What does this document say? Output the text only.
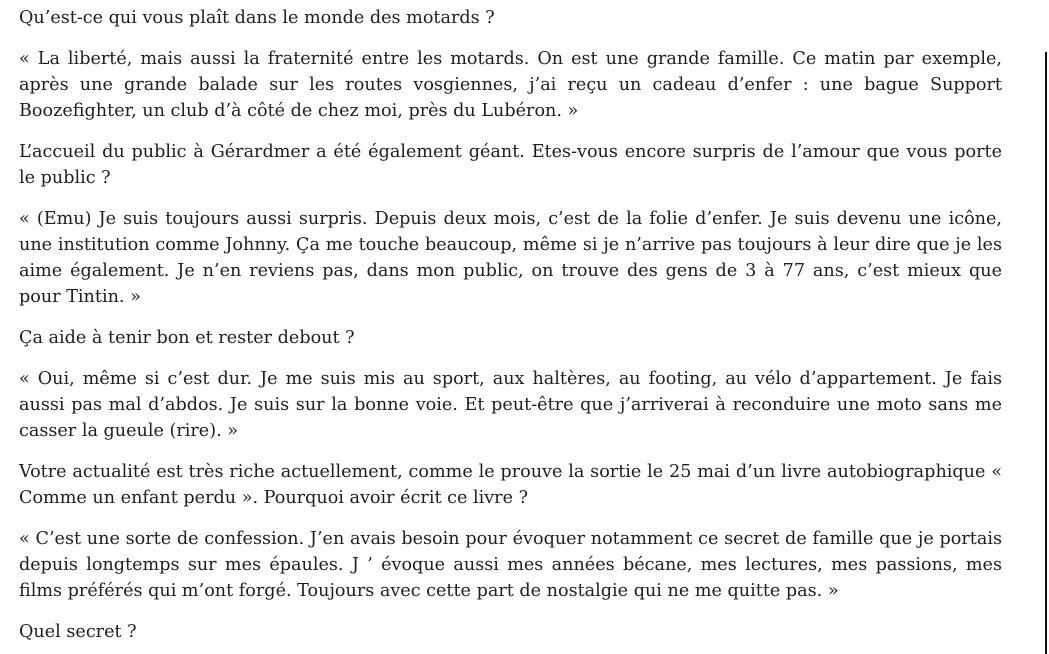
Qu’est-ce qui vous plaît dans le monde des motards ?

« La liberté, mais aussi la fraternité entre les motards. On est une grande famille. Ce matin par exemple, après une grande balade sur les routes vosgiennes, j’ai reçu un cadeau d’enfer : une bague Support Boozefighter, un club d’à côté de chez moi, près du Lubéron. »

L’accueil du public à Gérardmer a été également géant. Etes-vous encore surpris de l’amour que vous porte le public ?

« (Emu) Je suis toujours aussi surpris. Depuis deux mois, c’est de la folie d’enfer. Je suis devenu une icône, une institution comme Johnny. Ça me touche beaucoup, même si je n’arrive pas toujours à leur dire que je les aime également. Je n’en reviens pas, dans mon public, on trouve des gens de 3 à 77 ans, c’est mieux que pour Tintin. »

Ça aide à tenir bon et rester debout ?

« Oui, même si c’est dur. Je me suis mis au sport, aux haltères, au footing, au vélo d’appartement. Je fais aussi pas mal d’abdos. Je suis sur la bonne voie. Et peut-être que j’arriverai à reconduire une moto sans me casser la gueule (rire). »

Votre actualité est très riche actuellement, comme le prouve la sortie le 25 mai d’un livre autobiographique « Comme un enfant perdu ». Pourquoi avoir écrit ce livre ?

« C’est une sorte de confession. J’en avais besoin pour évoquer notamment ce secret de famille que je portais depuis longtemps sur mes épaules. J ’ évoque aussi mes années bécane, mes lectures, mes passions, mes films préférés qui m’ont forgé. Toujours avec cette part de nostalgie qui ne me quitte pas. »

Quel secret ?
